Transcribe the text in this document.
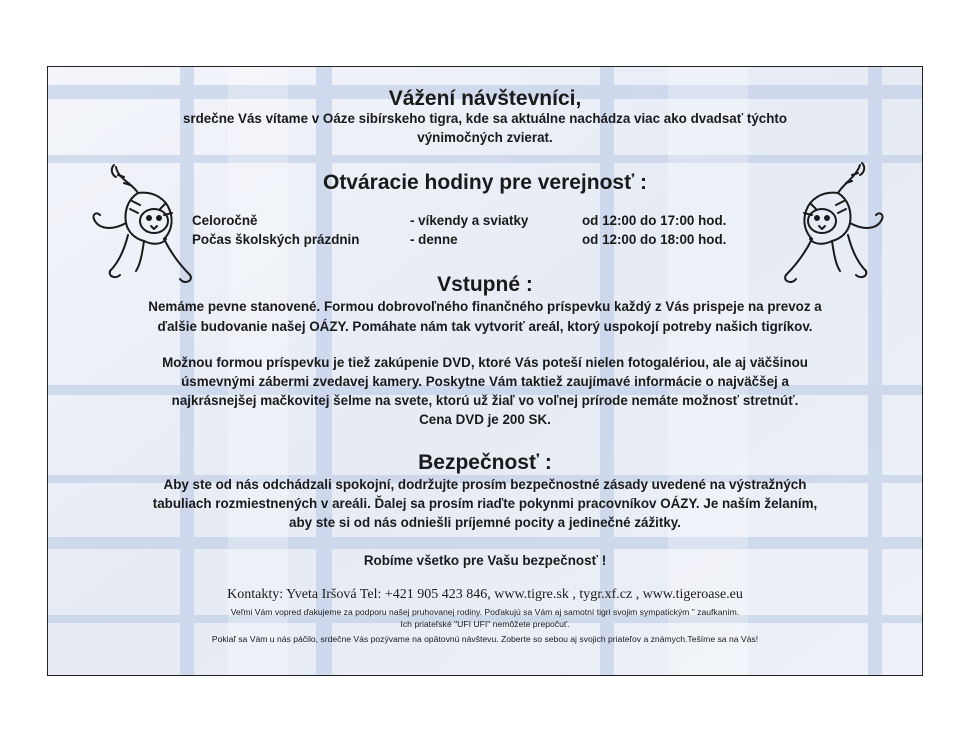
Vážení návštevníci,
srdečne Vás vítame v Oáze sibírskeho tigra, kde sa aktuálne nachádza viac ako dvadsať týchto
výnimočných zvierat.
Otváracie hodiny pre verejnosť :
Celoročně	- víkendy a sviatky	od 12:00 do 17:00 hod.
Počas školských prázdnin	- denne	od 12:00 do 18:00 hod.
Vstupné :
Nemáme pevne stanovené. Formou dobrovoľného finančného príspevku každý z Vás prispeje na prevoz a
ďalšie budovanie našej OÁZY. Pomáhate nám tak vytvoriť areál, ktorý uspokojí potreby našich tigríkov.
Možnou formou príspevku je tiež zakúpenie DVD, ktoré Vás poteší nielen fotogalériou, ale aj väčšinou
úsmevnými zábermi zvedavej kamery. Poskytne Vám taktiež zaujímavé informácie o najväčšej a
najkrásnejšej mačkovitej šelme na svete, ktorú už žiaľ vo voľnej prírode nemáte možnosť stretnúť.
Cena DVD je 200 SK.
Bezpečnosť :
Aby ste od nás odchádzali spokojní, dodržujte prosím bezpečnostné zásady uvedené na výstražných
tabuliach rozmiestnených v areáli. Ďalej sa prosím riaďte pokynmi pracovníkov OÁZY. Je naším želaním,
aby ste si od nás odniešli príjemné pocity a jedinečné zážitky.
Robíme všetko pre Vašu bezpečnosť !
Kontakty: Yveta Iršová Tel: +421 905 423 846, www.tigre.sk , tygr.xf.cz , www.tigeroase.eu
Veľmi Vám vopred ďakujeme za podporu našej pruhovanej rodiny. Poďakujú sa Vám aj samotní tigri svojim sympatickým " zaufkaním.
Ich priateľské "UFI UFI" nemôžete prepočuť.
Pokiaľ sa Vám u nás páčilo, srdečne Vás pozývame na opätovnú návštevu. Zoberte so sebou aj svojich priateľov a známych.Tešíme sa na Vás!
